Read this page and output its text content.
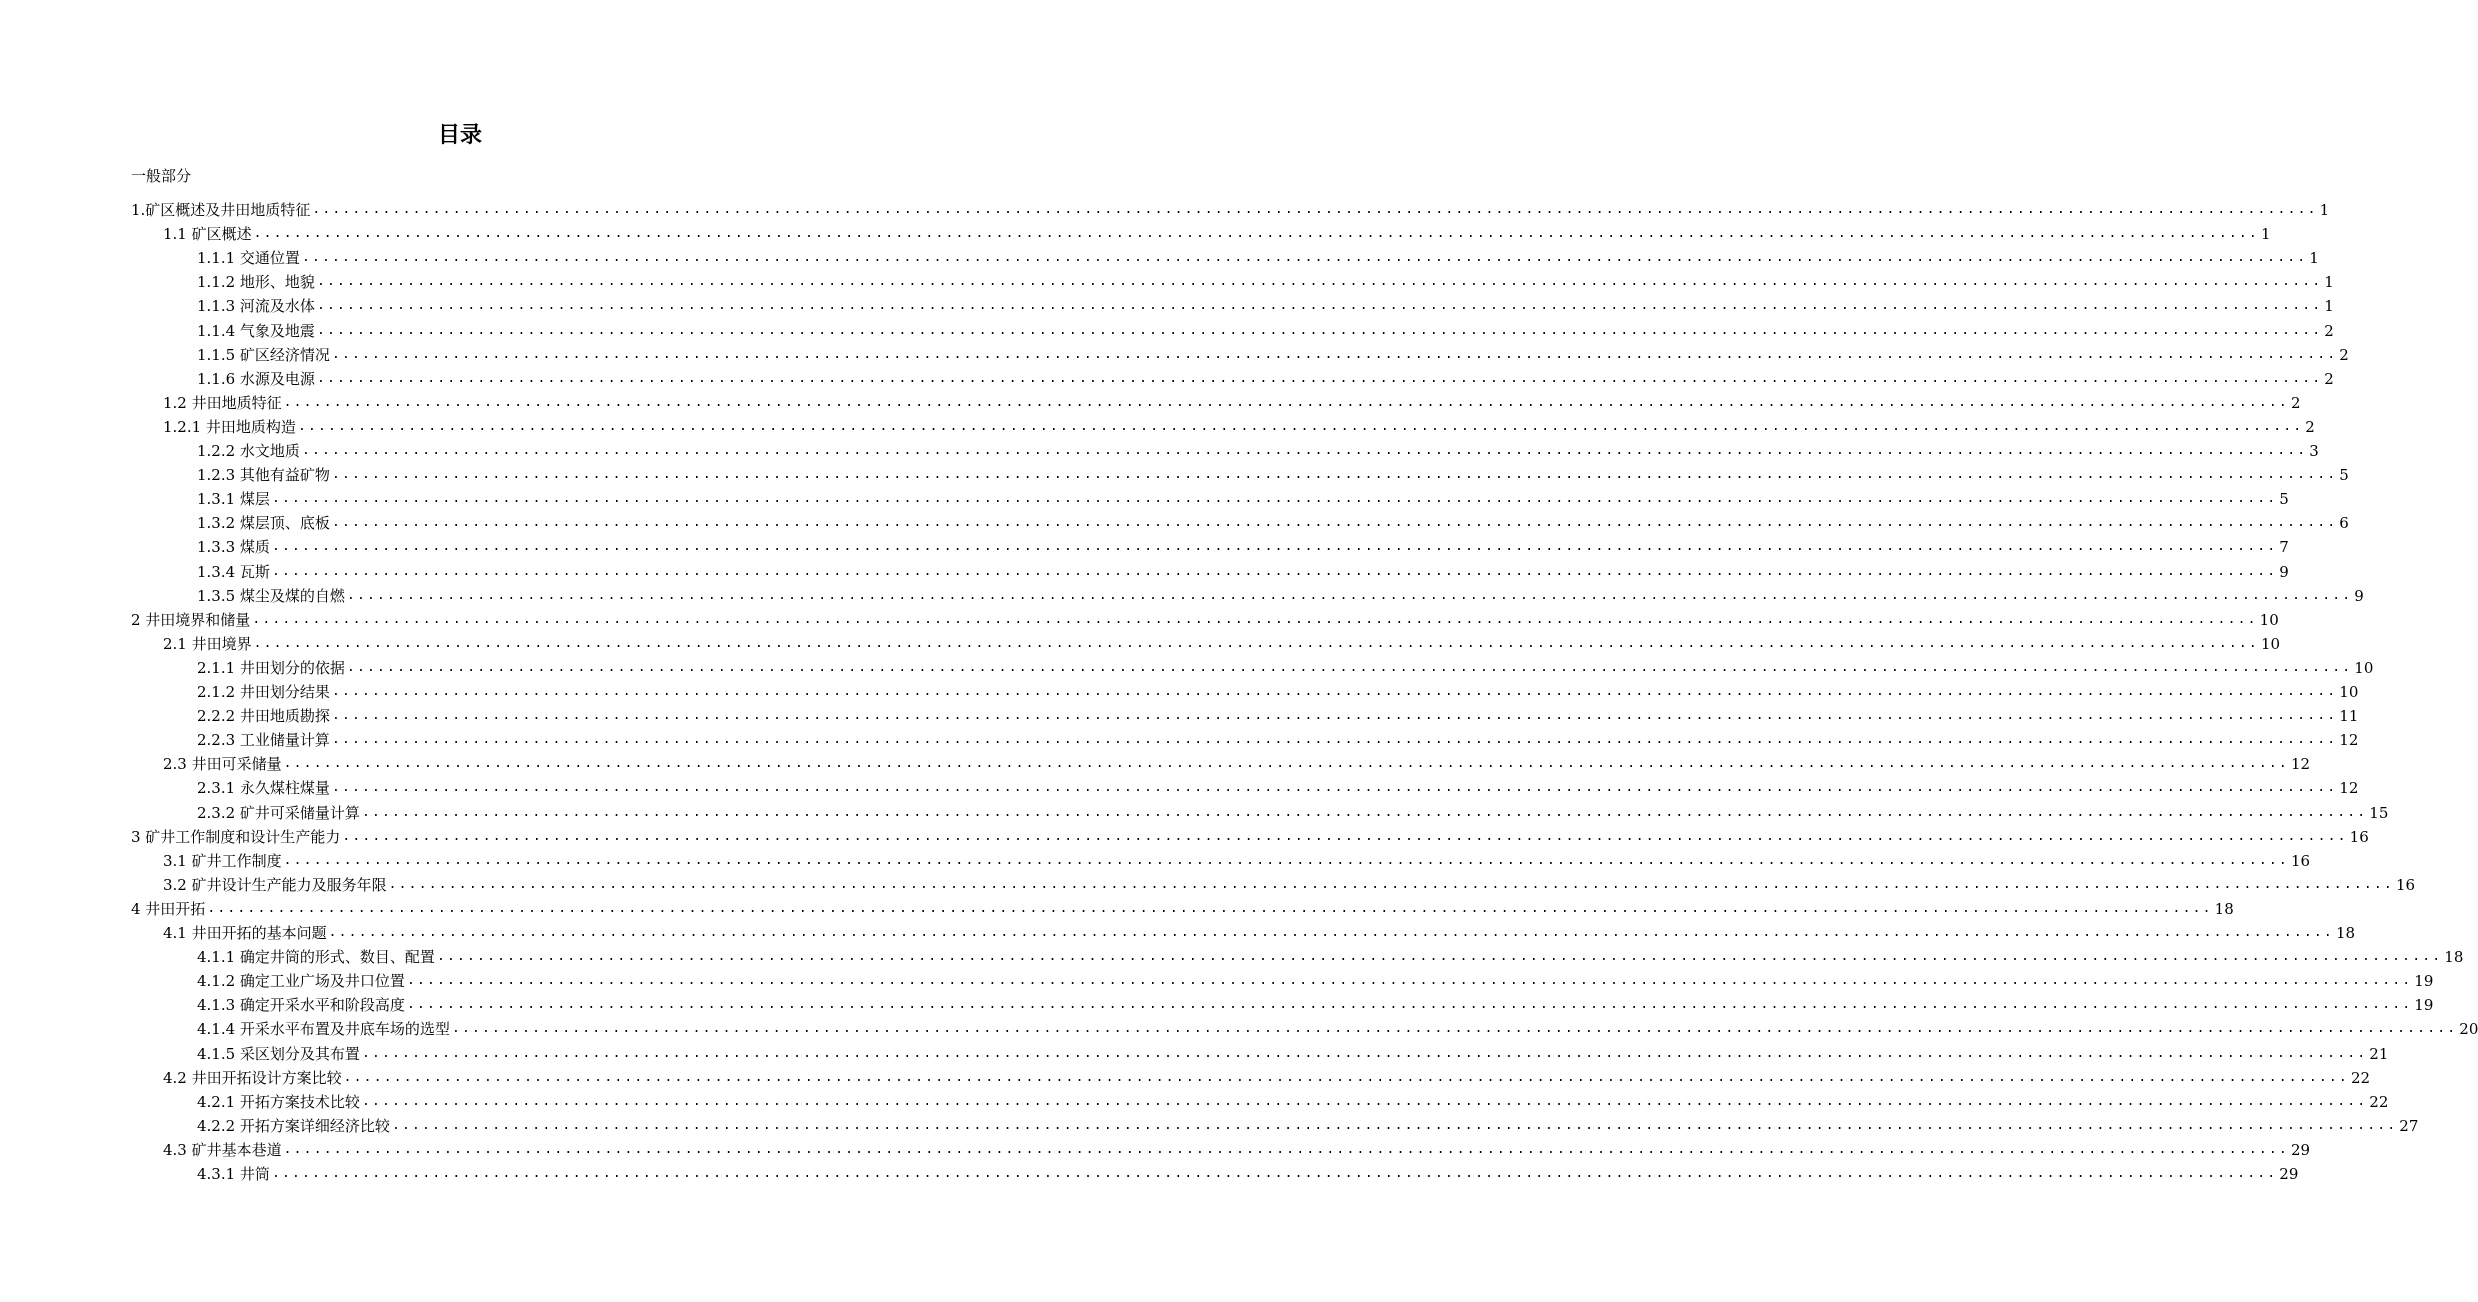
目录
一般部分
1.矿区概述及井田地质特征 ........................................................................................................................................................................................................ 1
1.1 矿区概述 ........................................................................................................................................................................................................ 1
1.1.1 交通位置 ........................................................................................................................................................................................................ 1
1.1.2 地形、地貌 ........................................................................................................................................................................................................ 1
1.1.3 河流及水体 ........................................................................................................................................................................................................ 1
1.1.4 气象及地震 ........................................................................................................................................................................................................ 2
1.1.5 矿区经济情况 ........................................................................................................................................................................................................ 2
1.1.6 水源及电源 ........................................................................................................................................................................................................ 2
1.2 井田地质特征 ........................................................................................................................................................................................................ 2
1.2.1 井田地质构造 ........................................................................................................................................................................................................ 2
1.2.2 水文地质 ........................................................................................................................................................................................................ 3
1.2.3 其他有益矿物 ........................................................................................................................................................................................................ 5
1.3.1 煤层 ........................................................................................................................................................................................................ 5
1.3.2 煤层顶、底板 ........................................................................................................................................................................................................ 6
1.3.3 煤质 ........................................................................................................................................................................................................ 7
1.3.4 瓦斯 ........................................................................................................................................................................................................ 9
1.3.5 煤尘及煤的自燃 ........................................................................................................................................................................................................ 9
2 井田境界和储量 ........................................................................................................................................................................................................ 10
2.1 井田境界 ........................................................................................................................................................................................................ 10
2.1.1 井田划分的依据 ........................................................................................................................................................................................................ 10
2.1.2 井田划分结果 ........................................................................................................................................................................................................ 10
2.2.2 井田地质勘探 ........................................................................................................................................................................................................ 11
2.2.3 工业储量计算 ........................................................................................................................................................................................................ 12
2.3 井田可采储量 ........................................................................................................................................................................................................ 12
2.3.1 永久煤柱煤量 ........................................................................................................................................................................................................ 12
2.3.2 矿井可采储量计算 ........................................................................................................................................................................................................ 15
3 矿井工作制度和设计生产能力 ........................................................................................................................................................................................................ 16
3.1 矿井工作制度 ........................................................................................................................................................................................................ 16
3.2 矿井设计生产能力及服务年限 ........................................................................................................................................................................................................ 16
4 井田开拓 ........................................................................................................................................................................................................ 18
4.1 井田开拓的基本问题 ........................................................................................................................................................................................................ 18
4.1.1 确定井筒的形式、数目、配置 ........................................................................................................................................................................................................ 18
4.1.2 确定工业广场及井口位置 ........................................................................................................................................................................................................ 19
4.1.3 确定开采水平和阶段高度 ........................................................................................................................................................................................................ 19
4.1.4 开采水平布置及井底车场的选型 ........................................................................................................................................................................................................ 20
4.1.5 采区划分及其布置 ........................................................................................................................................................................................................ 21
4.2 井田开拓设计方案比较 ........................................................................................................................................................................................................ 22
4.2.1 开拓方案技术比较 ........................................................................................................................................................................................................ 22
4.2.2 开拓方案详细经济比较 ........................................................................................................................................................................................................ 27
4.3 矿井基本巷道 ........................................................................................................................................................................................................ 29
4.3.1 井筒 ........................................................................................................................................................................................................ 29
